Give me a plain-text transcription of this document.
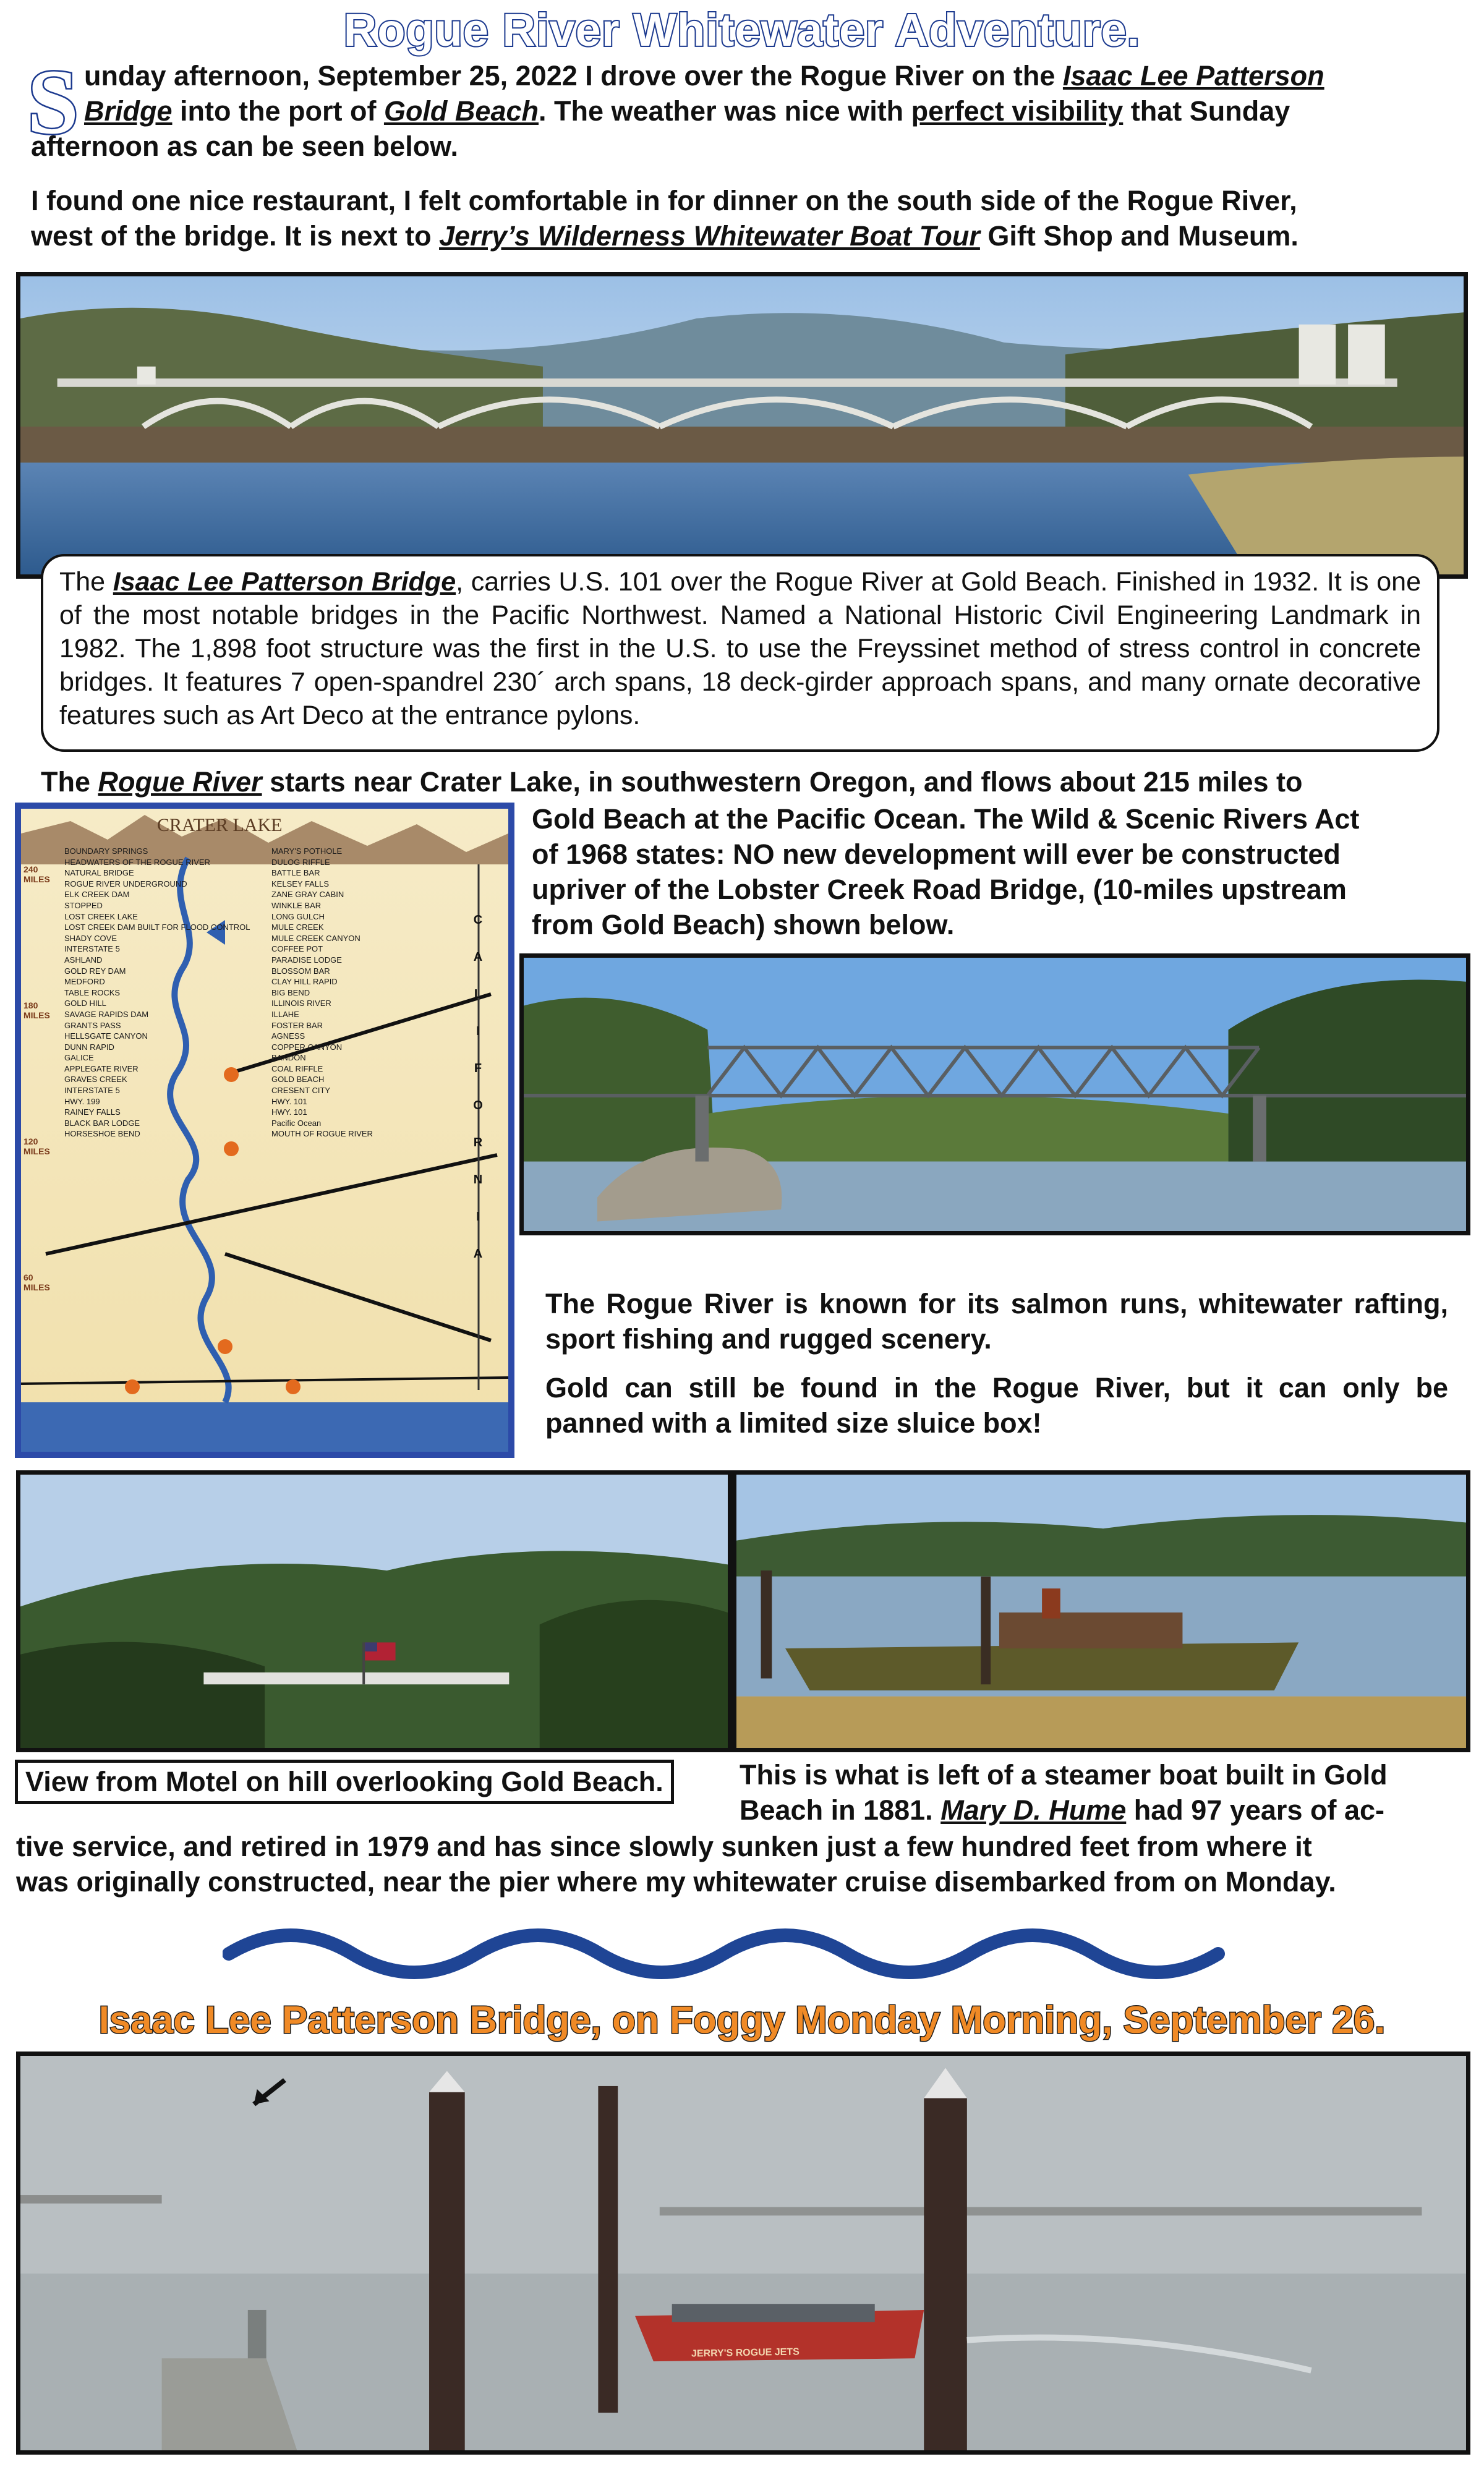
Rogue River Whitewater Adventure.
S unday afternoon, September 25, 2022 I drove over the Rogue River on the Isaac Lee Patterson
Bridge into the port of Gold Beach. The weather was nice with perfect visibility that Sunday
afternoon as can be seen below.
I found one nice restaurant, I felt comfortable in for dinner on the south side of the Rogue River,
west of the bridge. It is next to Jerry’s Wilderness Whitewater Boat Tour Gift Shop and Museum.
The Isaac Lee Patterson Bridge, carries U.S. 101 over the Rogue River at Gold Beach. Finished in 1932. It is one of the most notable bridges in the Pacific Northwest. Named a National Historic Civil Engineering Landmark in 1982. The 1,898 foot structure was the first in the U.S. to use the Freyssinet method of stress control in concrete bridges. It features 7 open-spandrel 230´ arch spans, 18 deck-girder approach spans, and many ornate decorative features such as Art Deco at the entrance pylons.
The Rogue River starts near Crater Lake, in southwestern Oregon, and flows about 215 miles to
Gold Beach at the Pacific Ocean. The Wild & Scenic Rivers Act
of 1968 states: NO new development will ever be constructed
upriver of the Lobster Creek Road Bridge, (10-miles upstream
from Gold Beach) shown below.
CRATER LAKE
C
A
L
I
F
O
R
N
I
A
240 MILES
180 MILES
120 MILES
60 MILES
BOUNDARY SPRINGS
HEADWATERS OF THE ROGUE RIVER
NATURAL BRIDGE
ROGUE RIVER UNDERGROUND
ELK CREEK DAM
STOPPED
LOST CREEK LAKE
LOST CREEK DAM BUILT FOR FLOOD CONTROL
SHADY COVE
INTERSTATE 5
ASHLAND
GOLD REY DAM
MEDFORD
TABLE ROCKS
GOLD HILL
SAVAGE RAPIDS DAM
GRANTS PASS
HELLSGATE CANYON
DUNN RAPID
GALICE
APPLEGATE RIVER
GRAVES CREEK
INTERSTATE 5
HWY. 199
RAINEY FALLS
BLACK BAR LODGE
HORSESHOE BEND
MARY'S POTHOLE
DULOG RIFFLE
BATTLE BAR
KELSEY FALLS
ZANE GRAY CABIN
WINKLE BAR
LONG GULCH
MULE CREEK
MULE CREEK CANYON
COFFEE POT
PARADISE LODGE
BLOSSOM BAR
CLAY HILL RAPID
BIG BEND
ILLINOIS RIVER
ILLAHE
FOSTER BAR
AGNESS
COPPER CANYON
BANDON
COAL RIFFLE
GOLD BEACH
CRESENT CITY
HWY. 101
HWY. 101
Pacific Ocean
MOUTH OF ROGUE RIVER
The Rogue River is known for its salmon runs, whitewater rafting, sport fishing and rugged scenery.
Gold can still be found in the Rogue River, but it can only be panned with a limited size sluice box!
View from Motel on hill overlooking Gold Beach.	This is what is left of a steamer boat built in Gold
Beach in 1881. Mary D. Hume had 97 years of ac-
tive service, and retired in 1979 and has since slowly sunken just a few hundred feet from where it
was originally constructed, near the pier where my whitewater cruise disembarked from on Monday.
Isaac Lee Patterson Bridge, on Foggy Monday Morning, September 26.
JERRY'S ROGUE JETS
